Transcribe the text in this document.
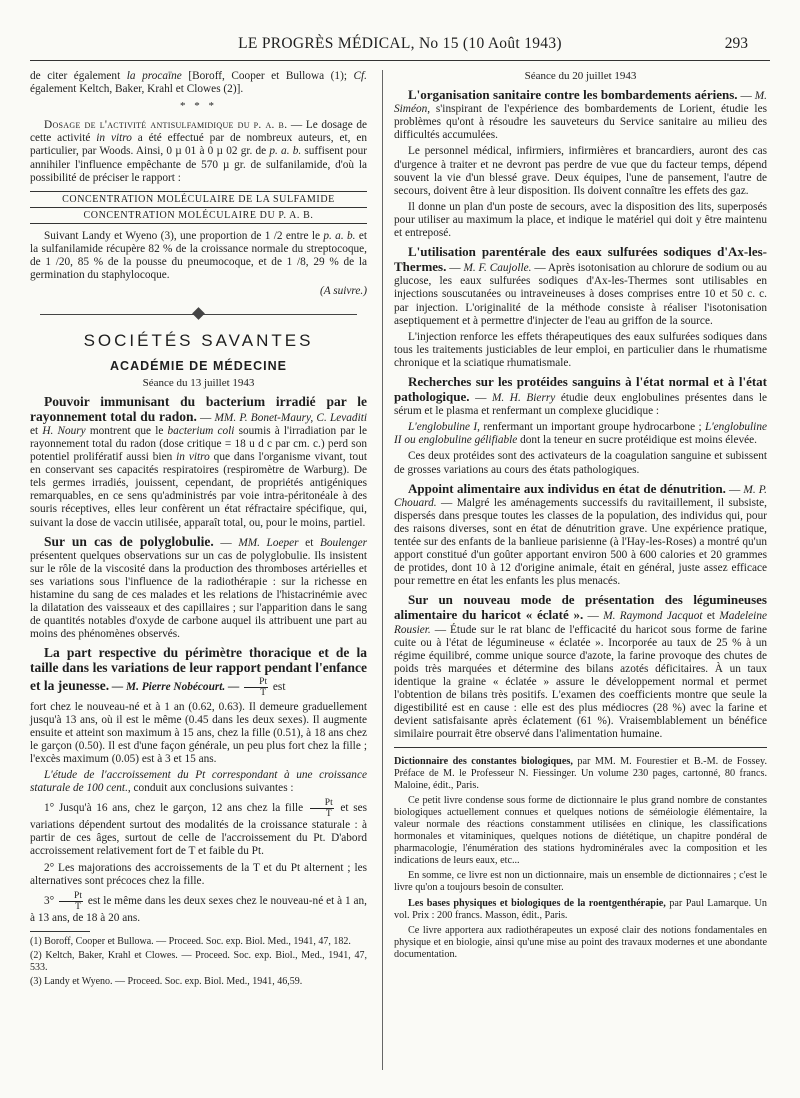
LE PROGRÈS MÉDICAL, No 15 (10 Août 1943)	293

de citer également la procaïne [Boroff, Cooper et Bullowa (1); Cf. également Keltch, Baker, Krahl et Clowes (2)].

* * *

Dosage de l'activité antisulfamidique du p. a. b. — Le dosage de cette activité in vitro a été effectué par de nombreux auteurs, et, en particulier, par Woods. Ainsi, 0 µ 01 à 0 µ 02 gr. de p. a. b. suffisent pour annihiler l'influence empêchante de 570 µ gr. de sulfanilamide, d'où la possibilité de préciser le rapport :

CONCENTRATION MOLÉCULAIRE DE LA SULFAMIDE
CONCENTRATION MOLÉCULAIRE DU P. A. B.

Suivant Landy et Wyeno (3), une proportion de 1 /2 entre le p. a. b. et la sulfanilamide récupère 82 % de la croissance normale du streptocoque, de 1 /20, 85 % de la pousse du pneumocoque, et de 1 /8, 29 % de la germination du staphylocoque.

(A suivre.)

SOCIÉTÉS SAVANTES
ACADÉMIE DE MÉDECINE
Séance du 13 juillet 1943

Pouvoir immunisant du bacterium irradié par le rayonnement total du radon. — MM. P. Bonet-Maury, C. Levaditi et H. Noury montrent que le bacterium coli soumis à l'irradiation par le rayonnement total du radon (dose critique = 18 u d c par cm. c.) perd son potentiel prolifératif aussi bien in vitro que dans l'organisme vivant, tout en conservant ses capacités respiratoires (respiromètre de Warburg). De tels germes irradiés, jouissent, cependant, de propriétés antigéniques remarquables, en ce sens qu'administrés par voie intra-péritonéale à des souris réceptives, elles leur confèrent un état réfractaire spécifique, qui, suivant la dose de vaccin utilisée, apparaît total, ou, pour le moins, partiel.

Sur un cas de polyglobulie. — MM. Loeper et Boulenger présentent quelques observations sur un cas de polyglobulie. Ils insistent sur le rôle de la viscosité dans la production des thromboses artérielles et ses variations sous l'influence de la radiothérapie : sur la richesse en histamine du sang de ces malades et les relations de l'histacrinémie avec la dilatation des vaisseaux et des capillaires ; sur l'apparition dans le sang de quantités notables d'oxyde de carbone auquel ils attribuent une part au moins des phénomènes observés.

La part respective du périmètre thoracique et de la taille dans les variations de leur rapport pendant l'enfance et la jeunesse. — M. Pierre Nobécourt. — $\frac{Pt}{T}$ est

fort chez le nouveau-né et à 1 an (0.62, 0.63). Il demeure graduellement jusqu'à 13 ans, où il est le même (0.45 dans les deux sexes). Il augmente ensuite et atteint son maximum à 15 ans, chez la fille (0.51), à 18 ans chez le garçon (0.50). Il est d'une façon générale, un peu plus fort chez la fille ; l'excès maximum (0.05) est à 3 et 15 ans.

L'étude de l'accroissement du Pt correspondant à une croissance staturale de 100 cent., conduit aux conclusions suivantes :

1° Jusqu'à 16 ans, chez le garçon, 12 ans chez la fille $\frac{Pt}{T}$ et ses variations dépendent surtout des modalités de la croissance staturale : à partir de ces âges, surtout de celle de l'accroissement du Pt. D'abord accroissement relativement fort de T et faible du Pt.

2° Les majorations des accroissements de la T et du Pt alternent ; les alternatives sont précoces chez la fille.

$3^\circ \frac{Pt}{T}$ est le même dans les deux sexes chez le nouveau-né et à 1 an, à 13 ans, de 18 à 20 ans.

(1) Boroff, Cooper et Bullowa. — Proceed. Soc. exp. Biol. Med., 1941, 47, 182.
(2) Keltch, Baker, Krahl et Clowes. — Proceed. Soc. exp. Biol., Med., 1941, 47, 533.
(3) Landy et Wyeno. — Proceed. Soc. exp. Biol. Med., 1941, 46,59.
Séance du 20 juillet 1943

L'organisation sanitaire contre les bombardements aériens. — M. Siméon, s'inspirant de l'expérience des bombardements de Lorient, étudie les problèmes qu'ont à résoudre les sauveteurs du Service sanitaire au milieu des difficultés accumulées.

Le personnel médical, infirmiers, infirmières et brancardiers, auront des cas d'urgence à traiter et ne devront pas perdre de vue que du facteur temps, dépend souvent la vie d'un blessé grave. Deux équipes, l'une de pansement, l'autre de secours, doivent être à leur disposition. Ils doivent connaître les effets des gaz.

Il donne un plan d'un poste de secours, avec la disposition des lits, superposés pour utiliser au maximum la place, et indique le matériel qui doit y être maintenu et entreposé.

L'utilisation parentérale des eaux sulfurées sodiques d'Ax-les-Thermes. — M. F. Caujolle. — Après isotonisation au chlorure de sodium ou au glucose, les eaux sulfurées sodiques d'Ax-les-Thermes sont utilisables en injections souscutanées ou intraveineuses à doses comprises entre 10 et 50 c. c. par injection. L'originalité de la méthode consiste à réaliser l'isotonisation aseptiquement et à permettre d'injecter de l'eau au griffon de la source.

L'injection renforce les effets thérapeutiques des eaux sulfurées sodiques dans tous les traitements justiciables de leur emploi, en particulier dans le rhumatisme chronique et la sciatique rhumatismale.

Recherches sur les protéides sanguins à l'état normal et à l'état pathologique. — M. H. Bierry étudie deux englobulines présentes dans le sérum et le plasma et renfermant un complexe glucidique :

L'englobuline I, renfermant un important groupe hydrocarbone ; L'englobuline II ou englobuline gélifiable dont la teneur en sucre protéidique est moins élevée.

Ces deux protéides sont des activateurs de la coagulation sanguine et subissent de grosses variations au cours des états pathologiques.

Appoint alimentaire aux individus en état de dénutrition. — M. P. Chouard. — Malgré les aménagements successifs du ravitaillement, il subsiste, dispersés dans presque toutes les classes de la population, des individus qui, pour des raisons diverses, sont en état de dénutrition grave. Une expérience pratique, tentée sur des enfants de la banlieue parisienne (à l'Hay-les-Roses) a montré qu'un apport constitué d'un goûter apportant environ 500 à 600 calories et 20 grammes de protides, dont 10 à 12 d'origine animale, était en général, juste assez efficace pour remettre en état les enfants les plus menacés.

Sur un nouveau mode de présentation des légumineuses alimentaire du haricot « éclaté ». — M. Raymond Jacquot et Madeleine Rousier. — Étude sur le rat blanc de l'efficacité du haricot sous forme de farine cuite ou à l'état de légumineuse « éclatée ». Incorporée au taux de 25 % à un régime équilibré, comme unique source d'azote, la farine provoque des chutes de poids très marquées et détermine des bilans azotés déficitaires. À un taux identique la graine « éclatée » assure le développement normal et permet l'obtention de bilans très positifs. L'examen des coefficients montre que seule la digestibilité est en cause : elle est des plus médiocres (28 %) avec la farine et devient satisfaisante après éclatement (61 %). Vraisemblablement un bénéfice similaire pourrait être observé dans l'alimentation humaine.

Dictionnaire des constantes biologiques, par MM. M. Fourestier et B.-M. de Fossey. Préface de M. le Professeur N. Fiessinger. Un volume 230 pages, cartonné, 80 francs. Maloine, édit., Paris.

Ce petit livre condense sous forme de dictionnaire le plus grand nombre de constantes biologiques actuellement connues et quelques notions de séméiologie élémentaire, la valeur normale des réactions constamment utilisées en clinique, les classifications hormonales et vitaminiques, quelques notions de diététique, un chapitre pondéral de pharmacologie, l'énumération des stations hydrominérales avec la composition et les indications de leurs eaux, etc...

En somme, ce livre est non un dictionnaire, mais un ensemble de dictionnaires ; c'est le livre qu'on a toujours besoin de consulter.

Les bases physiques et biologiques de la roentgenthérapie, par Paul Lamarque. Un vol. Prix : 200 francs. Masson, édit., Paris.

Ce livre apportera aux radiothérapeutes un exposé clair des notions fondamentales en physique et en biologie, ainsi qu'une mise au point des travaux modernes et une abondante documentation.
